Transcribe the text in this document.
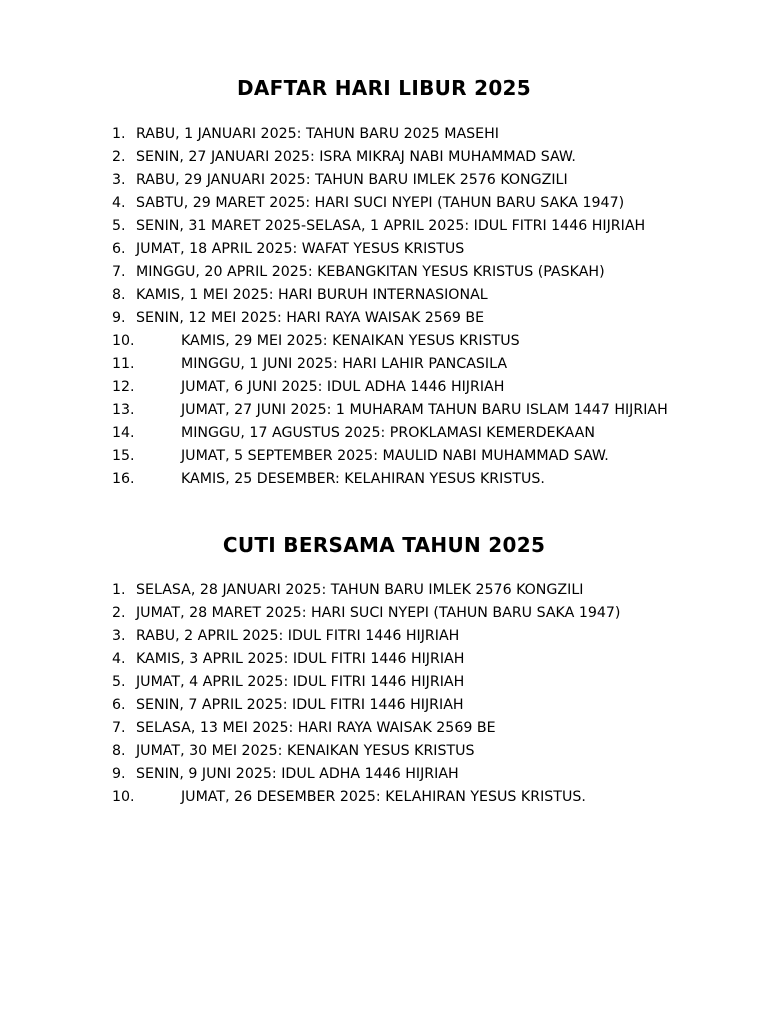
DAFTAR HARI LIBUR 2025
1. RABU, 1 JANUARI 2025: TAHUN BARU 2025 MASEHI
2. SENIN, 27 JANUARI 2025: ISRA MIKRAJ NABI MUHAMMAD SAW.
3. RABU, 29 JANUARI 2025: TAHUN BARU IMLEK 2576 KONGZILI
4. SABTU, 29 MARET 2025: HARI SUCI NYEPI (TAHUN BARU SAKA 1947)
5. SENIN, 31 MARET 2025-SELASA, 1 APRIL 2025: IDUL FITRI 1446 HIJRIAH
6. JUMAT, 18 APRIL 2025: WAFAT YESUS KRISTUS
7. MINGGU, 20 APRIL 2025: KEBANGKITAN YESUS KRISTUS (PASKAH)
8. KAMIS, 1 MEI 2025: HARI BURUH INTERNASIONAL
9. SENIN, 12 MEI 2025: HARI RAYA WAISAK 2569 BE
10.	KAMIS, 29 MEI 2025: KENAIKAN YESUS KRISTUS
11.	MINGGU, 1 JUNI 2025: HARI LAHIR PANCASILA
12.	JUMAT, 6 JUNI 2025: IDUL ADHA 1446 HIJRIAH
13.	JUMAT, 27 JUNI 2025: 1 MUHARAM TAHUN BARU ISLAM 1447 HIJRIAH
14.	MINGGU, 17 AGUSTUS 2025: PROKLAMASI KEMERDEKAAN
15.	JUMAT, 5 SEPTEMBER 2025: MAULID NABI MUHAMMAD SAW.
16.	KAMIS, 25 DESEMBER: KELAHIRAN YESUS KRISTUS.
CUTI BERSAMA TAHUN 2025
1. SELASA, 28 JANUARI 2025: TAHUN BARU IMLEK 2576 KONGZILI
2. JUMAT, 28 MARET 2025: HARI SUCI NYEPI (TAHUN BARU SAKA 1947)
3. RABU, 2 APRIL 2025: IDUL FITRI 1446 HIJRIAH
4. KAMIS, 3 APRIL 2025: IDUL FITRI 1446 HIJRIAH
5. JUMAT, 4 APRIL 2025: IDUL FITRI 1446 HIJRIAH
6. SENIN, 7 APRIL 2025: IDUL FITRI 1446 HIJRIAH
7. SELASA, 13 MEI 2025: HARI RAYA WAISAK 2569 BE
8. JUMAT, 30 MEI 2025: KENAIKAN YESUS KRISTUS
9. SENIN, 9 JUNI 2025: IDUL ADHA 1446 HIJRIAH
10.	JUMAT, 26 DESEMBER 2025: KELAHIRAN YESUS KRISTUS.
